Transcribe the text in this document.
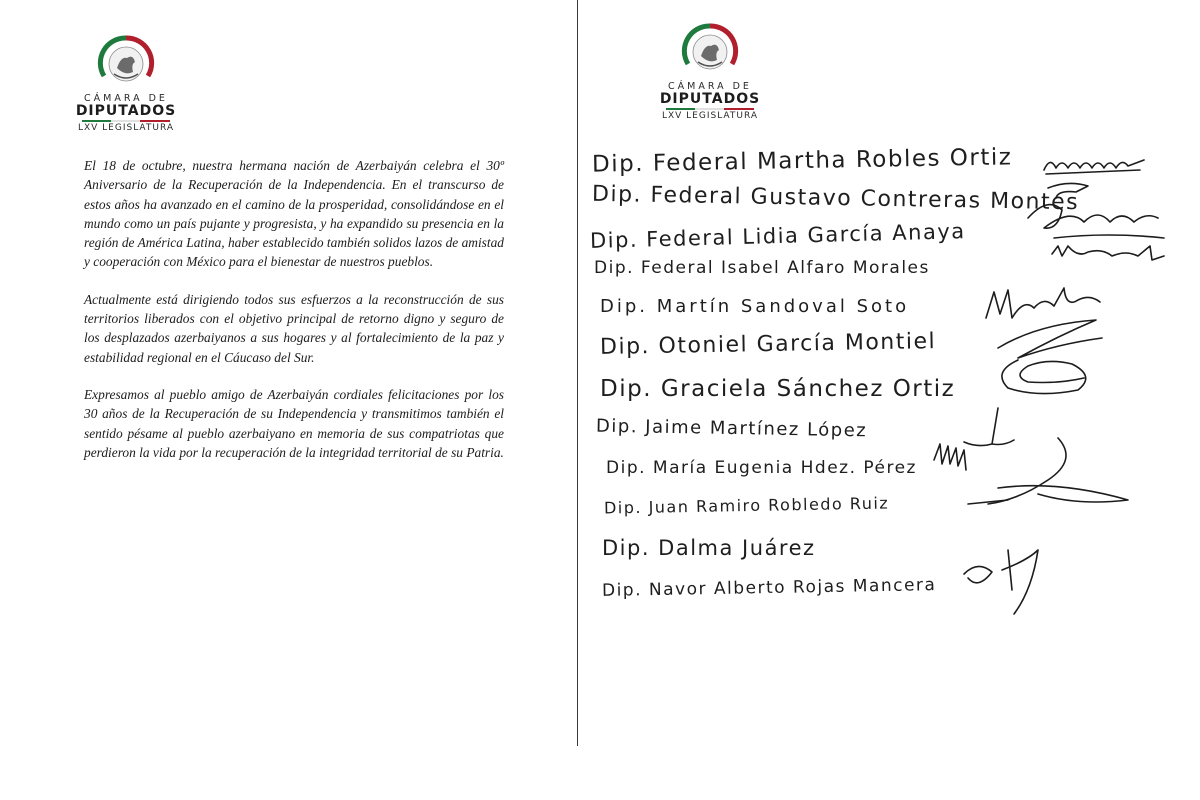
CÁMARA DE
DIPUTADOS
LXV LEGISLATURA

El 18 de octubre, nuestra hermana nación de Azerbaiyán celebra el 30º Aniversario de la Recuperación de la Independencia. En el transcurso de estos años ha avanzado en el camino de la prosperidad, consolidándose en el mundo como un país pujante y progresista, y ha expandido su presencia en la región de América Latina, haber establecido también solidos lazos de amistad y cooperación con México para el bienestar de nuestros pueblos.

Actualmente está dirigiendo todos sus esfuerzos a la reconstrucción de sus territorios liberados con el objetivo principal de retorno digno y seguro de los desplazados azerbaiyanos a sus hogares y al fortalecimiento de la paz y estabilidad regional en el Cáucaso del Sur.

Expresamos al pueblo amigo de Azerbaiyán cordiales felicitaciones por los 30 años de la Recuperación de su Independencia y transmitimos también el sentido pésame al pueblo azerbaiyano en memoria de sus compatriotas que perdieron la vida por la recuperación de la integridad territorial de su Patria.

CÁMARA DE
DIPUTADOS
LXV LEGISLATURA
Dip. Federal Martha Robles Ortiz
Dip. Federal Gustavo Contreras Montes
Dip. Federal Lidia García Anaya
Dip. Federal Isabel Alfaro Morales
Dip. Martín Sandoval Soto
Dip. Otoniel García Montiel
Dip. Graciela Sánchez Ortiz
Dip. Jaime Martínez López
Dip. María Eugenia Hdez. Pérez
Dip. Juan Ramiro Robledo Ruiz
Dip. Dalma Juárez
Dip. Navor Alberto Rojas Mancera
